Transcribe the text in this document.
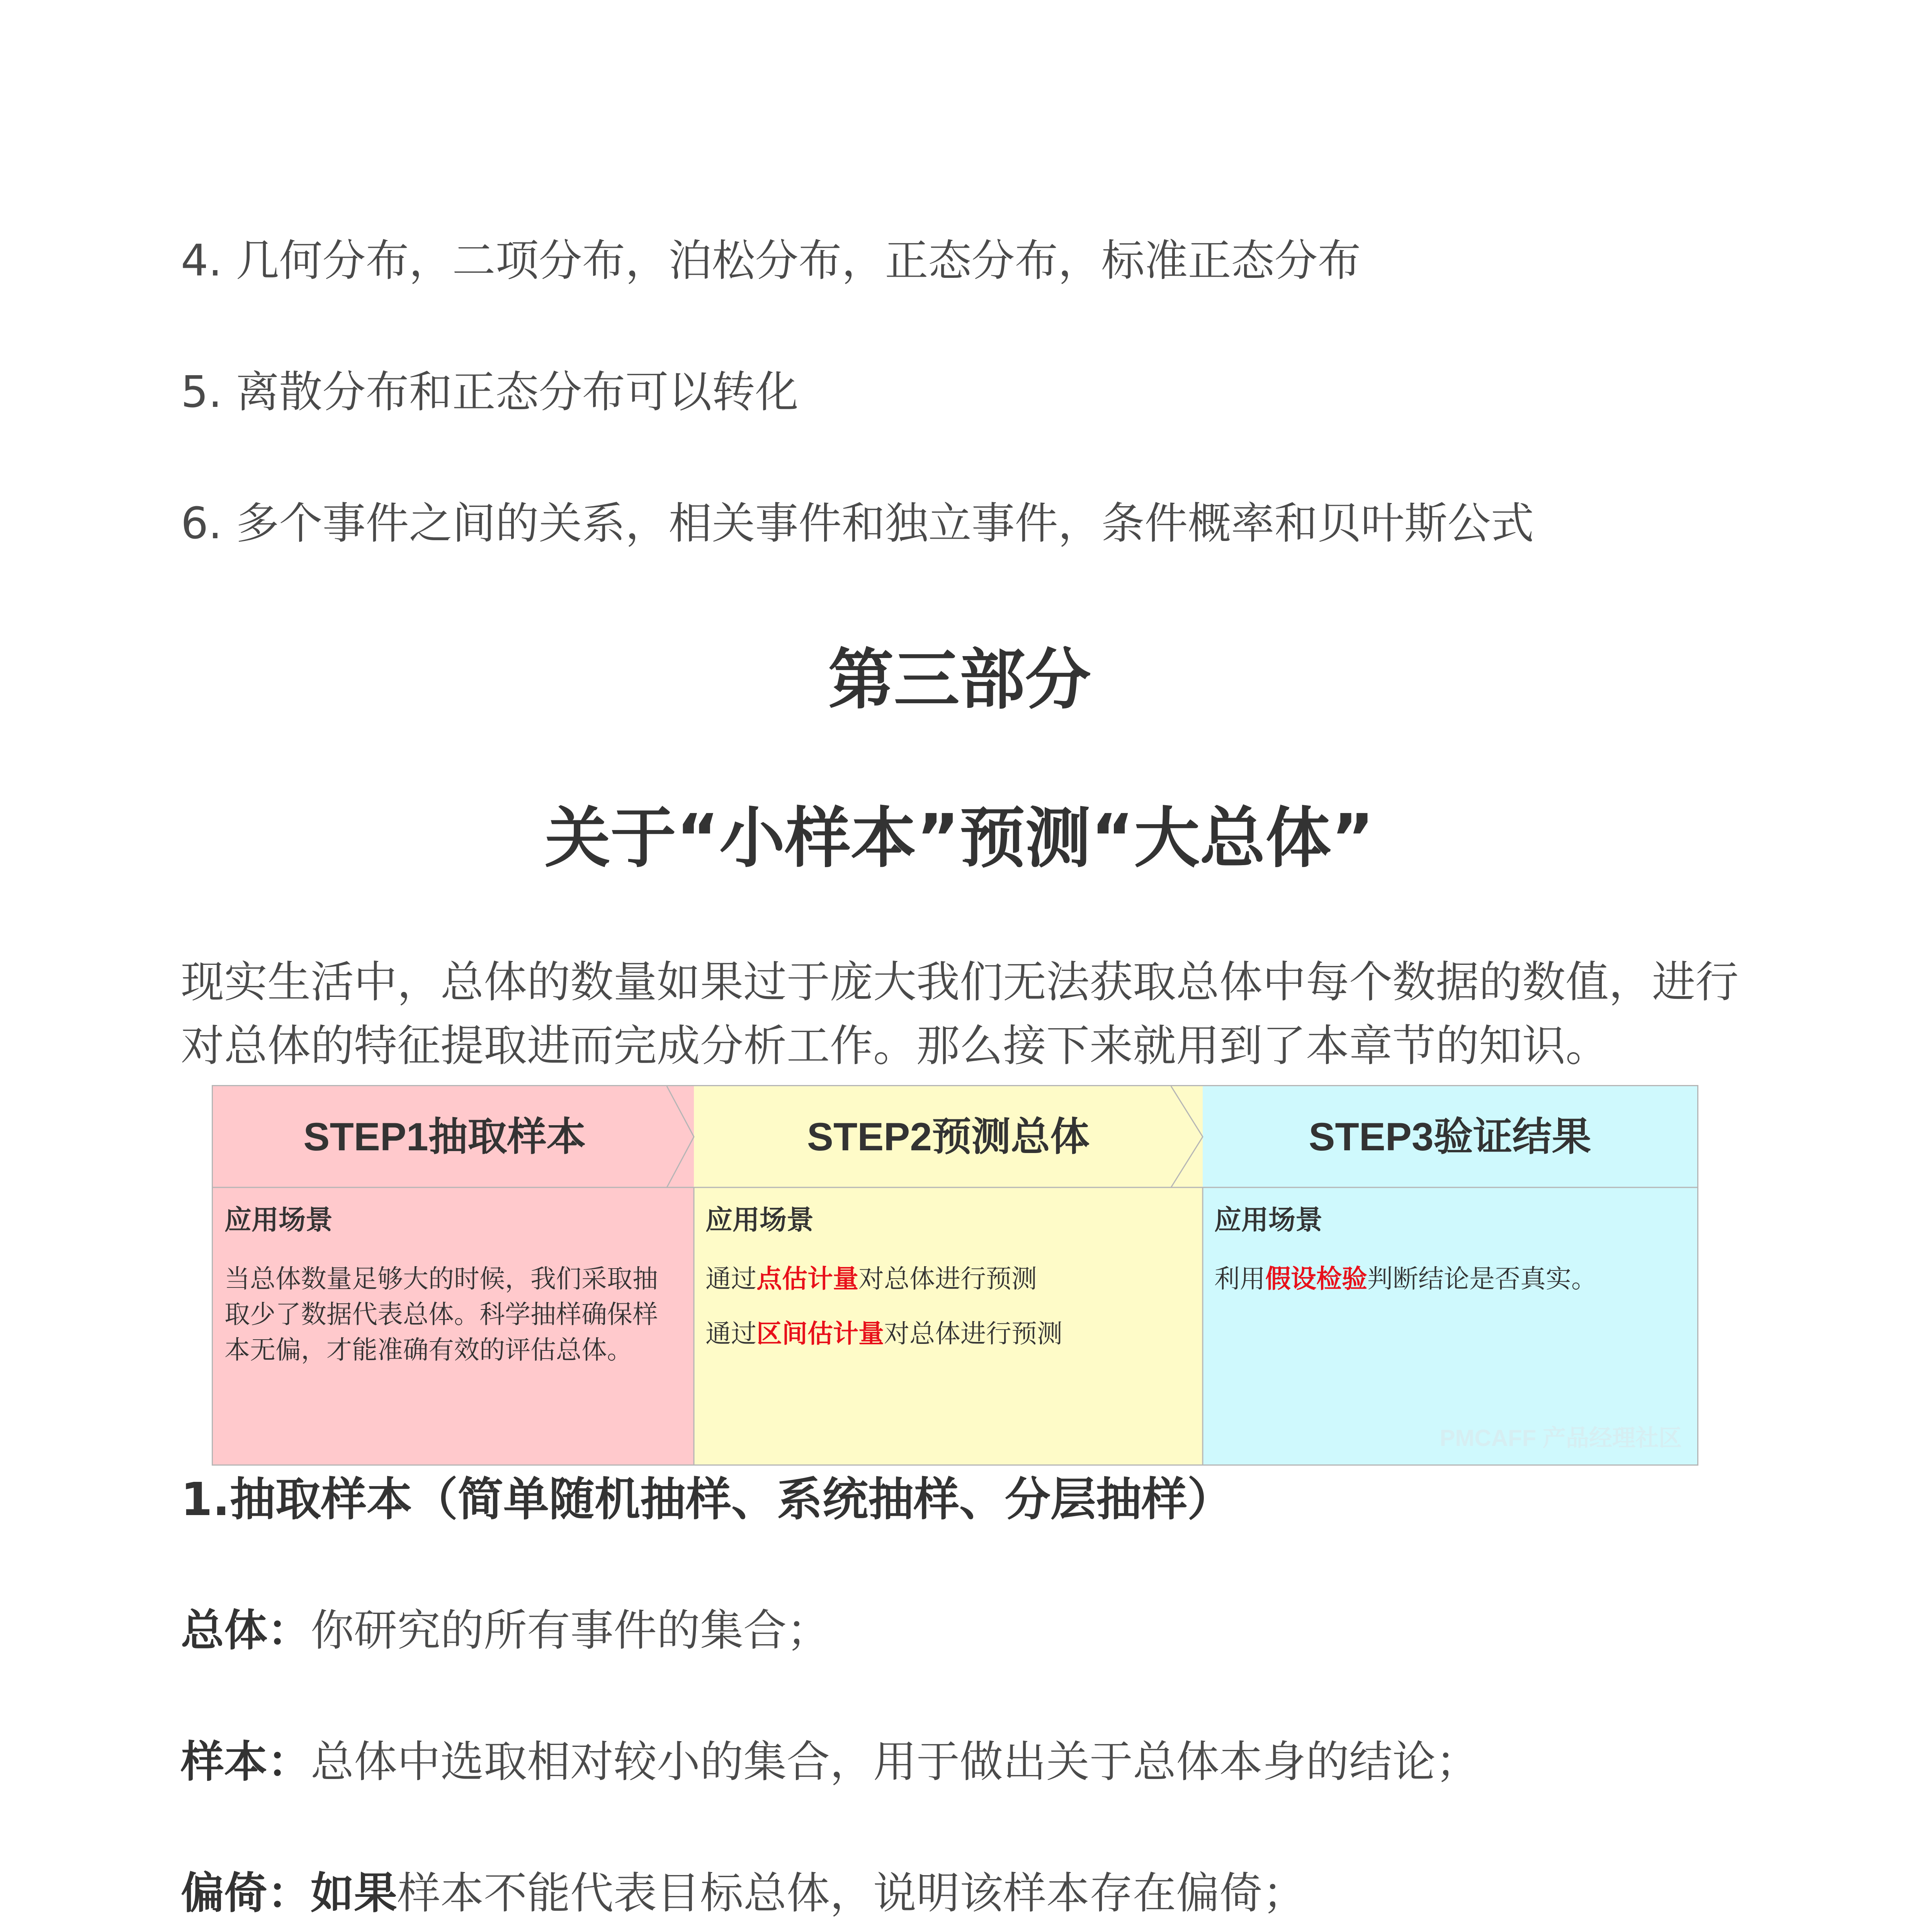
4. 几何分布，二项分布，泊松分布，正态分布，标准正态分布
5. 离散分布和正态分布可以转化
6. 多个事件之间的关系，相关事件和独立事件，条件概率和贝叶斯公式
第三部分
关于“小样本”预测“大总体”
现实生活中，总体的数量如果过于庞大我们无法获取总体中每个数据的数值，进行对总体的特征提取进而完成分析工作。那么接下来就用到了本章节的知识。
STEP1抽取样本
应用场景
当总体数量足够大的时候，我们采取抽取少了数据代表总体。科学抽样确保样本无偏，才能准确有效的评估总体。
STEP2预测总体
应用场景
通过点估计量对总体进行预测
通过区间估计量对总体进行预测
STEP3验证结果
应用场景
利用假设检验判断结论是否真实。
PMCAFF 产品经理社区
1.抽取样本（简单随机抽样、系统抽样、分层抽样）
总体：你研究的所有事件的集合；
样本：总体中选取相对较小的集合，用于做出关于总体本身的结论；
偏倚：如果样本不能代表目标总体，说明该样本存在偏倚；
